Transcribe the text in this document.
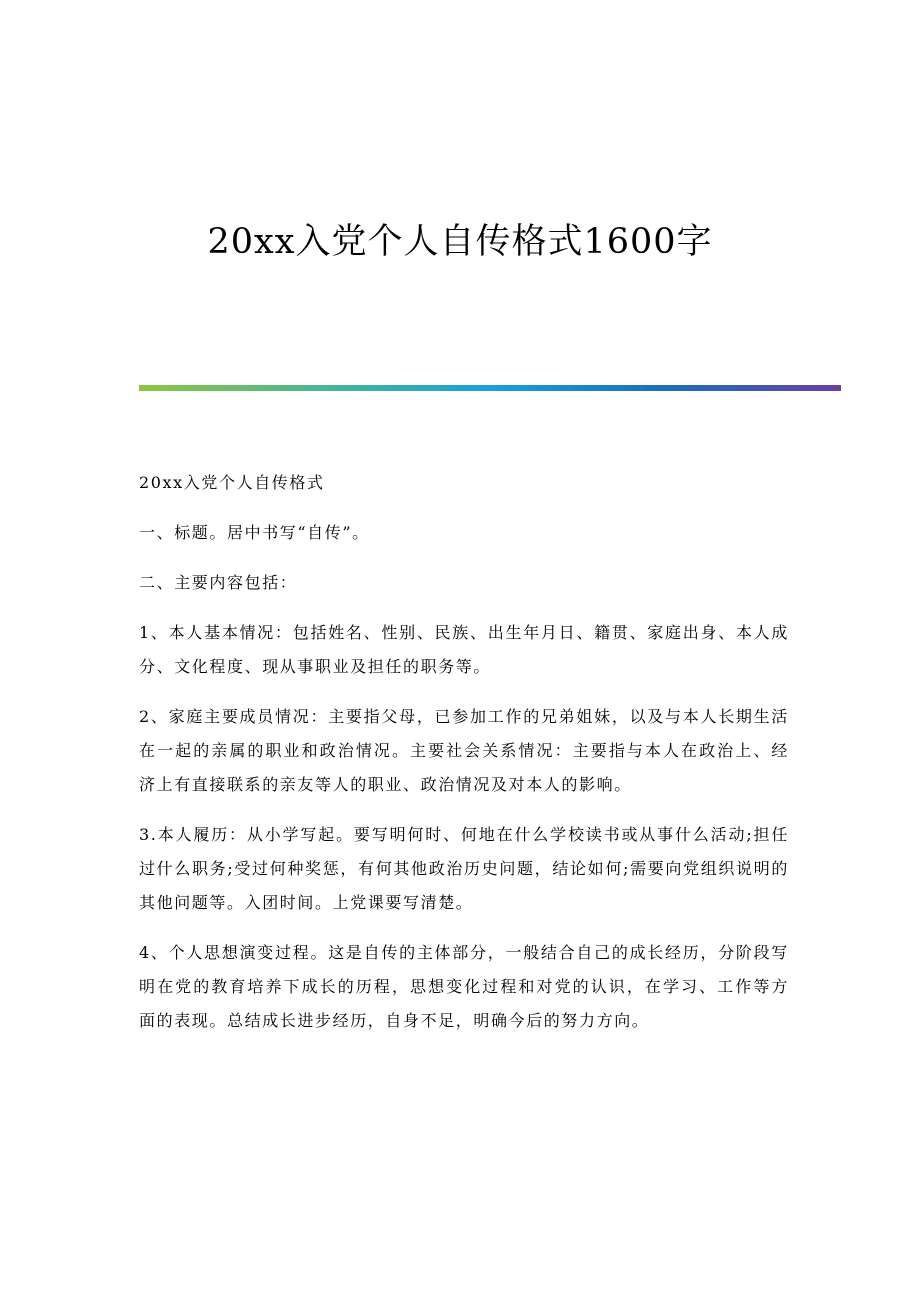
20xx入党个人自传格式1600字

20xx入党个人自传格式

一、标题。居中书写“自传”。

二、主要内容包括：

1、本人基本情况：包括姓名、性别、民族、出生年月日、籍贯、家庭出身、本人成分、文化程度、现从事职业及担任的职务等。

2、家庭主要成员情况：主要指父母，已参加工作的兄弟姐妹，以及与本人长期生活在一起的亲属的职业和政治情况。主要社会关系情况：主要指与本人在政治上、经济上有直接联系的亲友等人的职业、政治情况及对本人的影响。

3.本人履历：从小学写起。要写明何时、何地在什么学校读书或从事什么活动;担任过什么职务;受过何种奖惩，有何其他政治历史问题，结论如何;需要向党组织说明的其他问题等。入团时间。上党课要写清楚。

4、个人思想演变过程。这是自传的主体部分，一般结合自己的成长经历，分阶段写明在党的教育培养下成长的历程，思想变化过程和对党的认识，在学习、工作等方面的表现。总结成长进步经历，自身不足，明确今后的努力方向。
